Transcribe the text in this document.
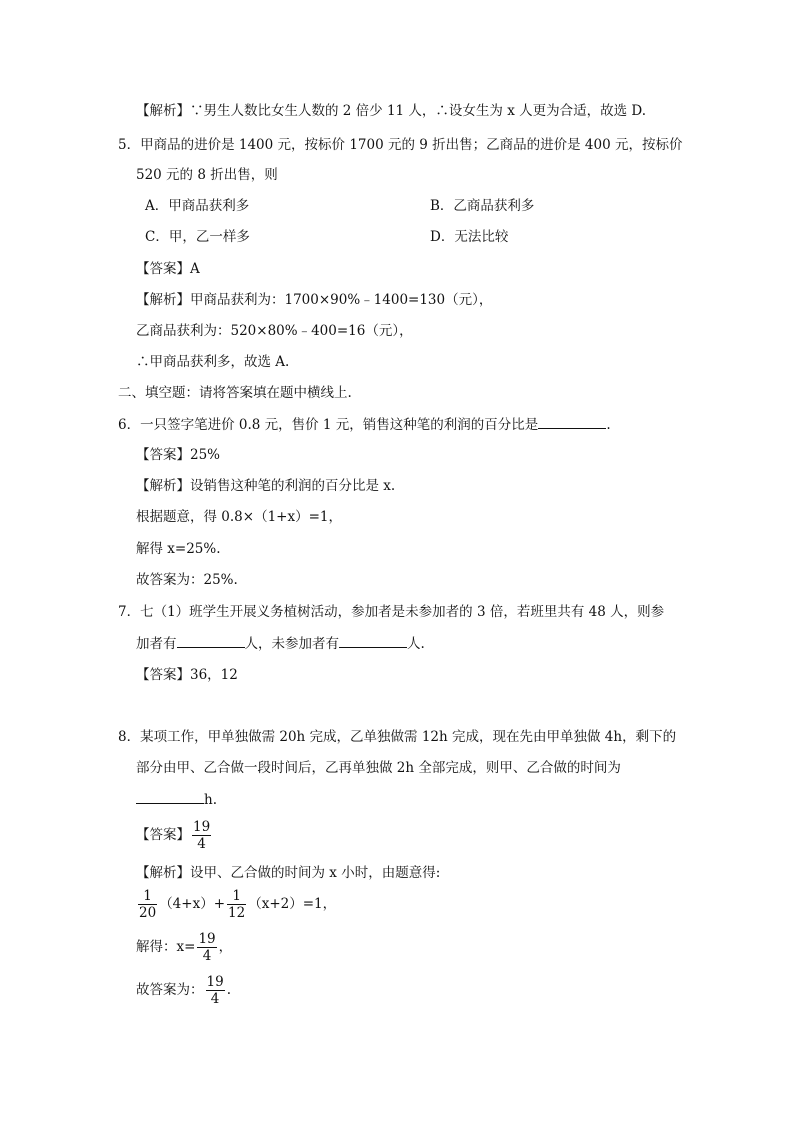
【解析】∵男生人数比女生人数的 2 倍少 11 人，∴设女生为 x 人更为合适，故选 D.
5．甲商品的进价是 1400 元，按标价 1700 元的 9 折出售；乙商品的进价是 400 元，按标价
520 元的 8 折出售，则
A．甲商品获利多	B．乙商品获利多
C．甲，乙一样多	D．无法比较
【答案】A
【解析】甲商品获利为：1700×90%﹣1400=130（元），
乙商品获利为：520×80%﹣400=16（元），
∴甲商品获利多，故选 A.
二、填空题：请将答案填在题中横线上.
6．一只签字笔进价 0.8 元，售价 1 元，销售这种笔的利润的百分比是	.
【答案】25%
【解析】设销售这种笔的利润的百分比是 x.
根据题意，得 0.8×（1+x）=1，
解得 x=25%.
故答案为：25%.
7．七（1）班学生开展义务植树活动，参加者是未参加者的 3 倍，若班里共有 48 人，则参
加者有	人，未参加者有	人.
【答案】36，12
8．某项工作，甲单独做需 20h 完成，乙单独做需 12h 完成，现在先由甲单独做 4h，剩下的
部分由甲、乙合做一段时间后，乙再单独做 2h 全部完成，则甲、乙合做的时间为
h.
【答案】 $\frac{19}{4}$
【解析】设甲、乙合做的时间为 x 小时，由题意得:
$\frac{1}{20} (4+x)+ \frac{1}{12} (x+2)=1$，
解得：$x= \frac{19}{4}$ ，
故答案为： $\frac{19}{4}$ .
